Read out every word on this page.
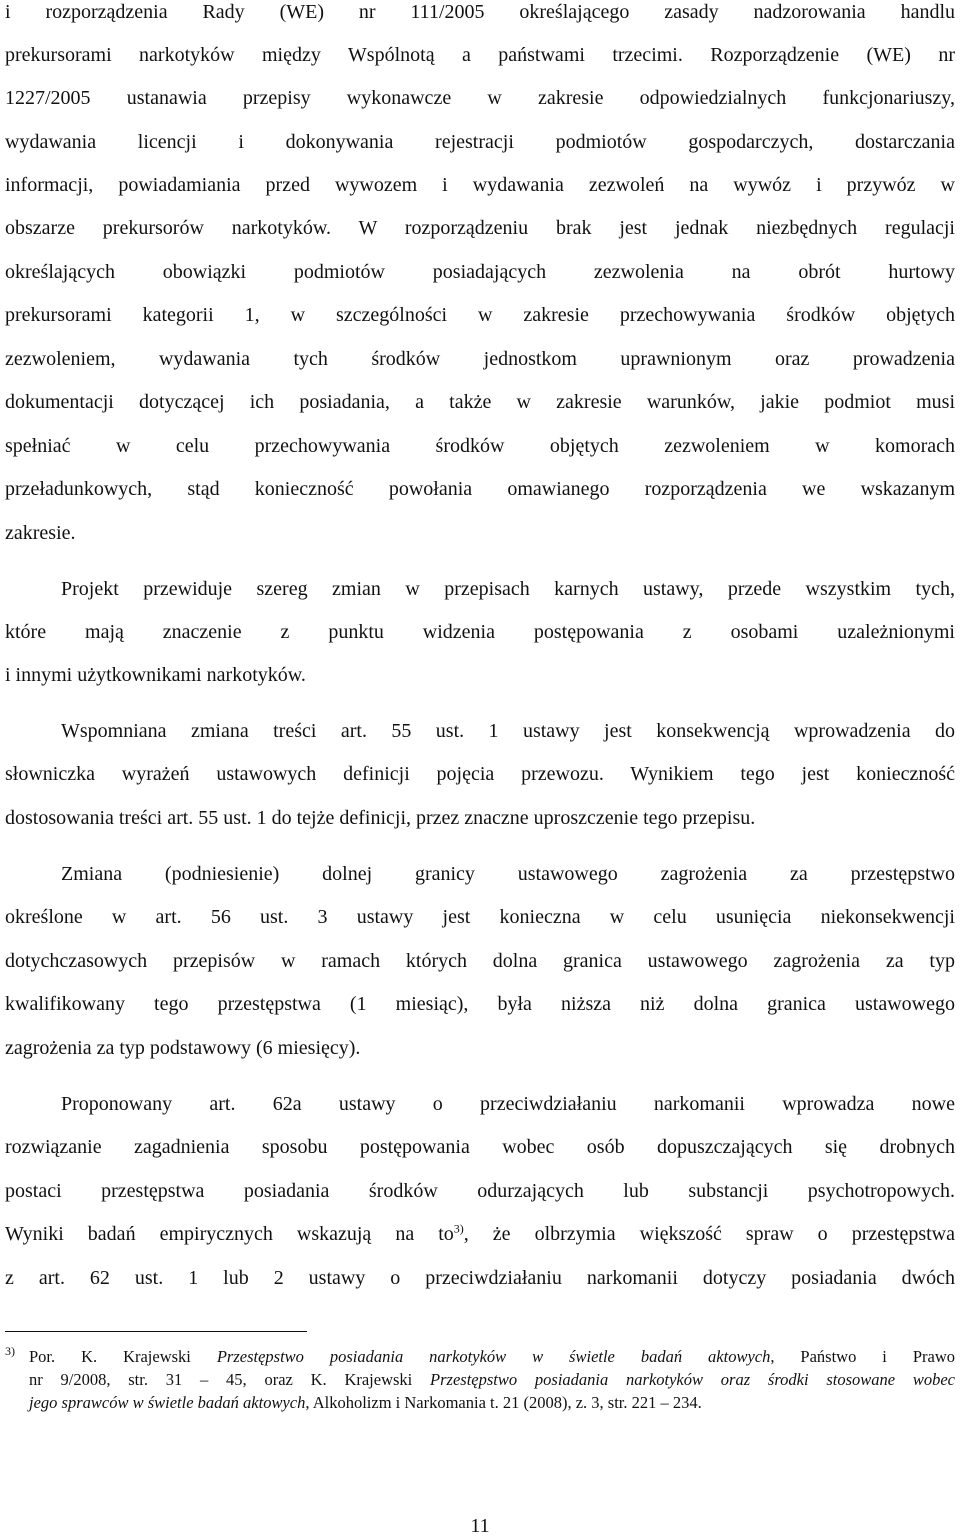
i rozporządzenia Rady (WE) nr 111/2005 określającego zasady nadzorowania handlu
prekursorami narkotyków między Wspólnotą a państwami trzecimi. Rozporządzenie (WE) nr
1227/2005 ustanawia przepisy wykonawcze w zakresie odpowiedzialnych funkcjonariuszy,
wydawania licencji i dokonywania rejestracji podmiotów gospodarczych, dostarczania
informacji, powiadamiania przed wywozem i wydawania zezwoleń na wywóz i przywóz w
obszarze prekursorów narkotyków. W rozporządzeniu brak jest jednak niezbędnych regulacji
określających obowiązki podmiotów posiadających zezwolenia na obrót hurtowy
prekursorami kategorii 1, w szczególności w zakresie przechowywania środków objętych
zezwoleniem, wydawania tych środków jednostkom uprawnionym oraz prowadzenia
dokumentacji dotyczącej ich posiadania, a także w zakresie warunków, jakie podmiot musi
spełniać w celu przechowywania środków objętych zezwoleniem w komorach
przeładunkowych, stąd konieczność powołania omawianego rozporządzenia we wskazanym
zakresie.
Projekt przewiduje szereg zmian w przepisach karnych ustawy, przede wszystkim tych,
które mają znaczenie z punktu widzenia postępowania z osobami uzależnionymi
i innymi użytkownikami narkotyków.
Wspomniana zmiana treści art. 55 ust. 1 ustawy jest konsekwencją wprowadzenia do
słowniczka wyrażeń ustawowych definicji pojęcia przewozu. Wynikiem tego jest konieczność
dostosowania treści art. 55 ust. 1 do tejże definicji, przez znaczne uproszczenie tego przepisu.
Zmiana (podniesienie) dolnej granicy ustawowego zagrożenia za przestępstwo
określone w art. 56 ust. 3 ustawy jest konieczna w celu usunięcia niekonsekwencji
dotychczasowych przepisów w ramach których dolna granica ustawowego zagrożenia za typ
kwalifikowany tego przestępstwa (1 miesiąc), była niższa niż dolna granica ustawowego
zagrożenia za typ podstawowy (6 miesięcy).
Proponowany art. 62a ustawy o przeciwdziałaniu narkomanii wprowadza nowe
rozwiązanie zagadnienia sposobu postępowania wobec osób dopuszczających się drobnych
postaci przestępstwa posiadania środków odurzających lub substancji psychotropowych.
Wyniki badań empirycznych wskazują na $to^{3)}$, że olbrzymia większość spraw o przestępstwa
z art. 62 ust. 1 lub 2 ustawy o przeciwdziałaniu narkomanii dotyczy posiadania dwóch
3) Por. K. Krajewski Przestępstwo posiadania narkotyków w świetle badań aktowych, Państwo i Prawo
nr 9/2008, str. 31 – 45, oraz K. Krajewski Przestępstwo posiadania narkotyków oraz środki stosowane wobec
jego sprawców w świetle badań aktowych, Alkoholizm i Narkomania t. 21 (2008), z. 3, str. 221 – 234.
11
